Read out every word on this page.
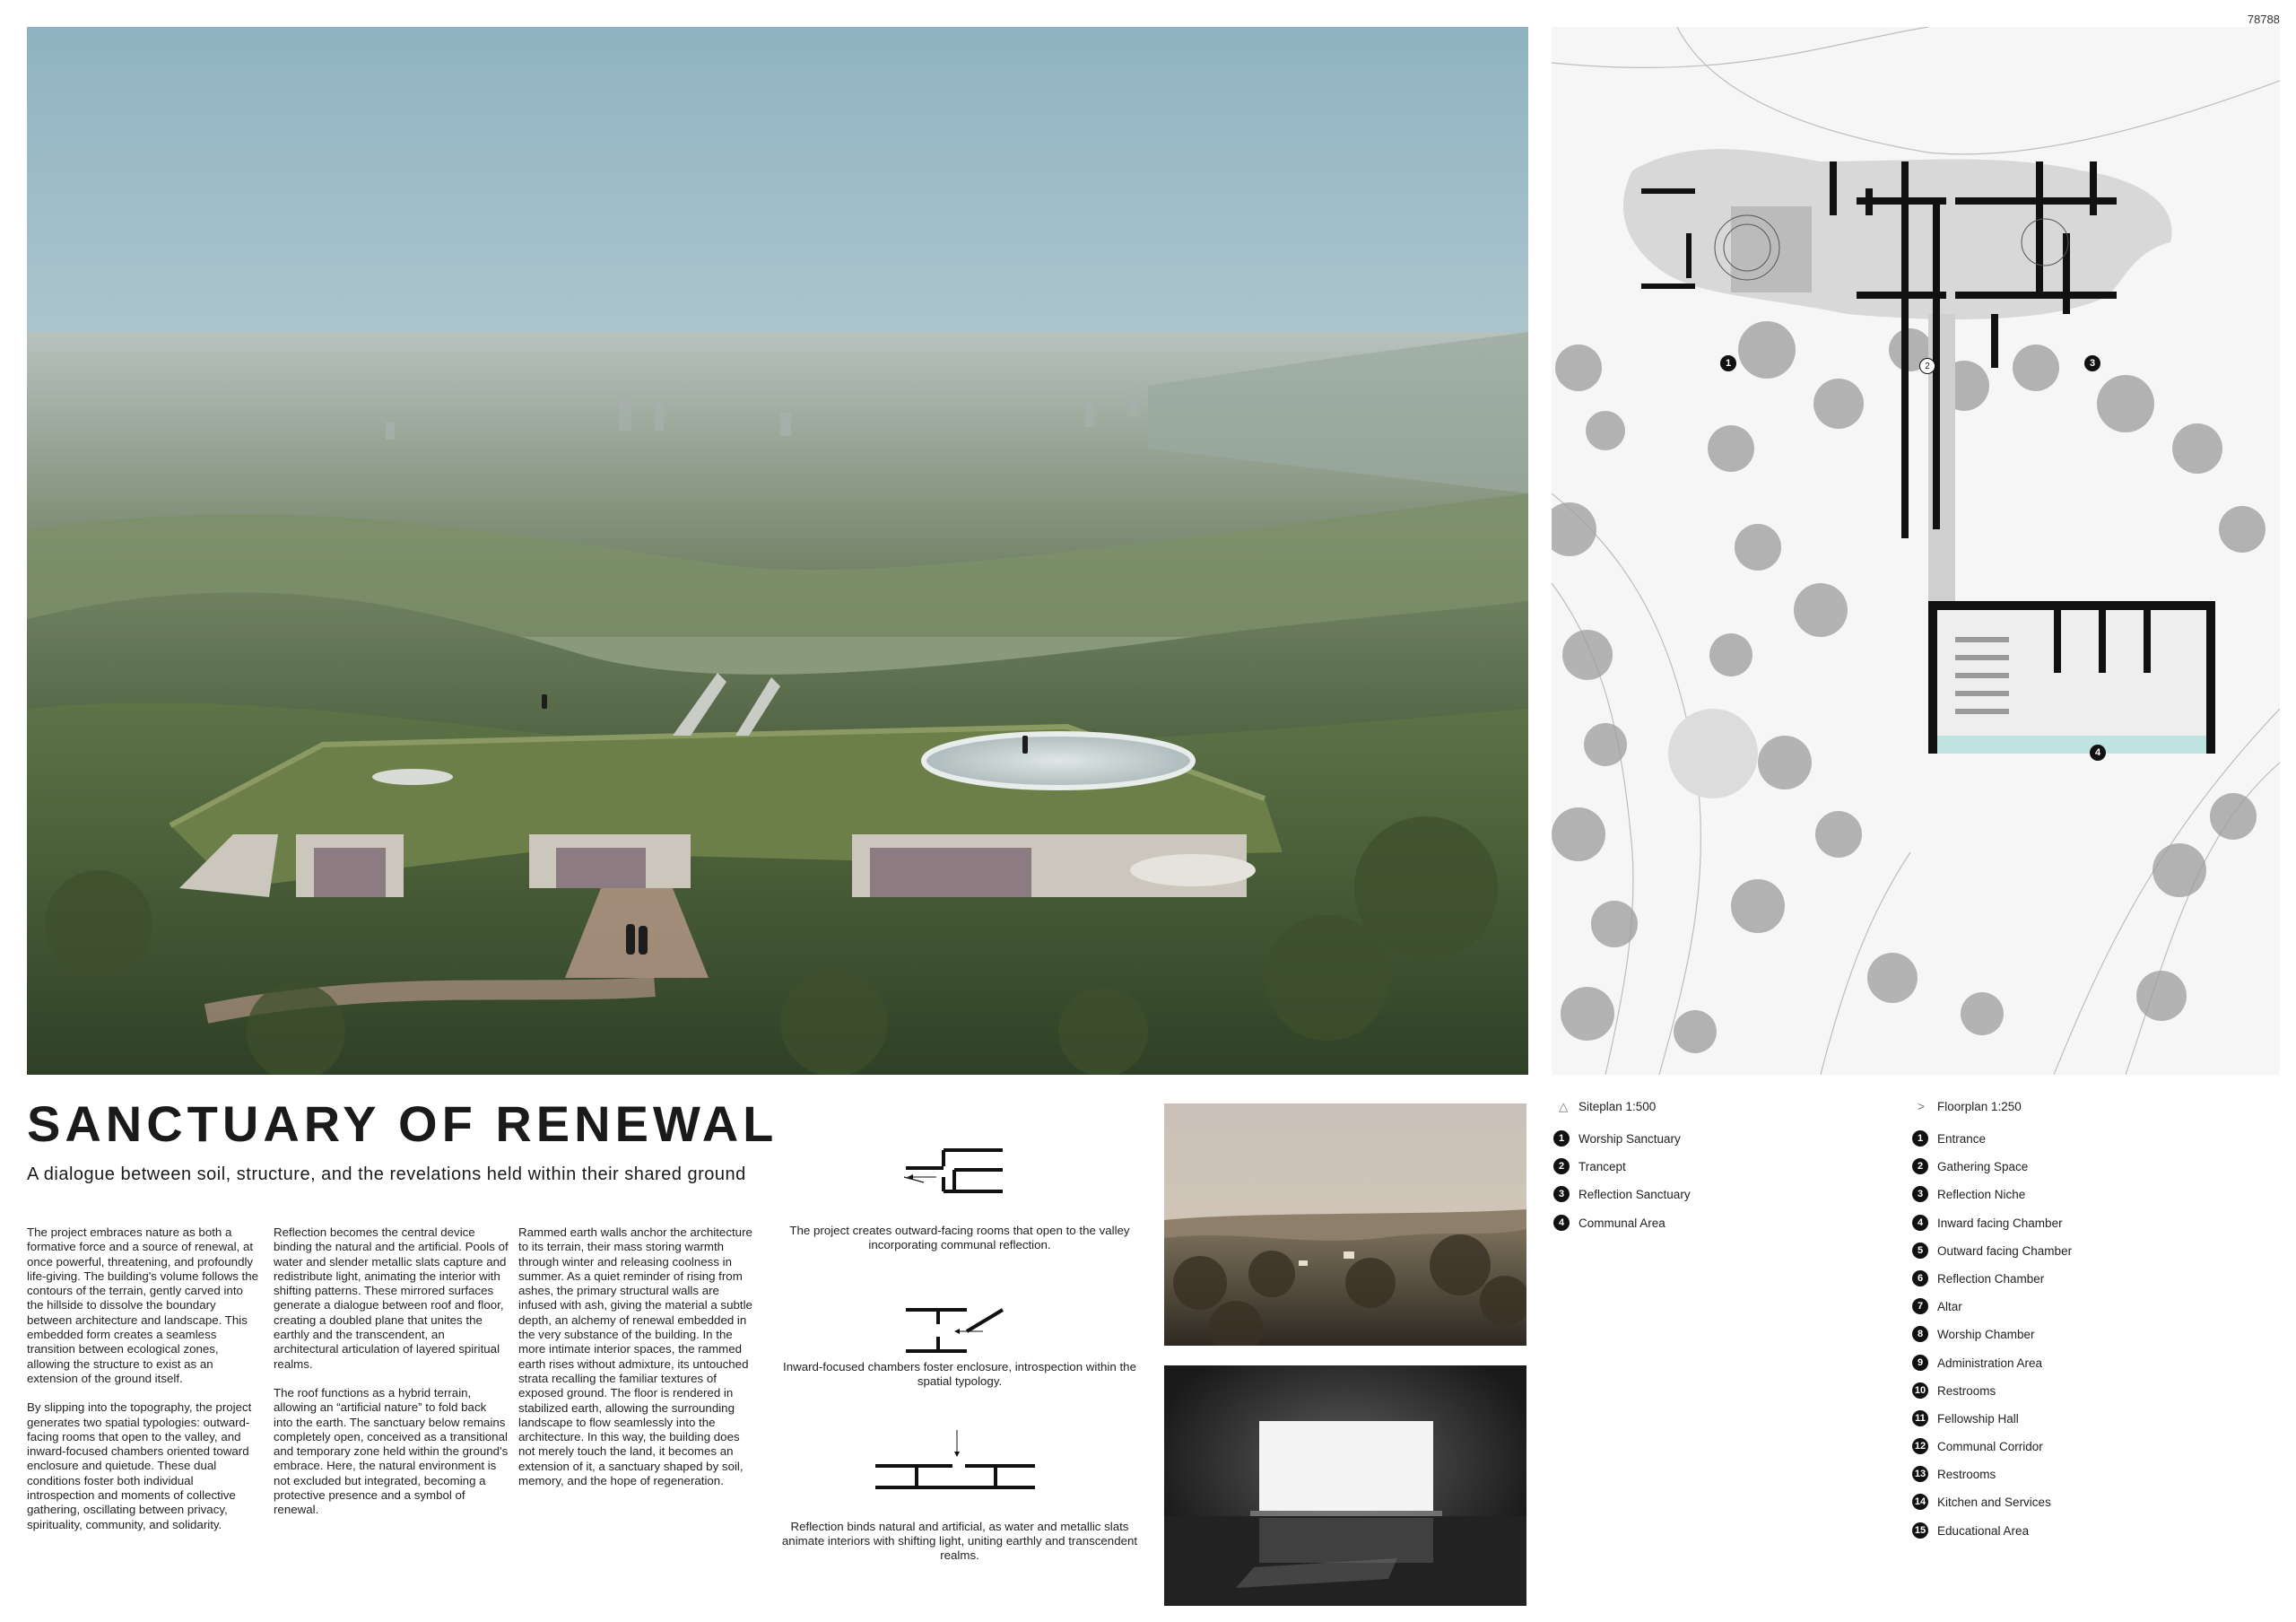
78788
1	2	3
4
SANCTUARY OF RENEWAL
A dialogue between soil, structure, and the revelations held within their shared ground

The project embraces nature as both a formative force and a source of renewal, at once powerful, threatening, and profoundly life-giving. The building's volume follows the contours of the terrain, gently carved into the hillside to dissolve the boundary between architecture and landscape. This embedded form creates a seamless transition between ecological zones, allowing the structure to exist as an extension of the ground itself.

By slipping into the topography, the project generates two spatial typologies: outward-facing rooms that open to the valley, and inward-focused chambers oriented toward enclosure and quietude. These dual conditions foster both individual introspection and moments of collective gathering, oscillating between privacy, spirituality, community, and solidarity.

Reflection becomes the central device binding the natural and the artificial. Pools of water and slender metallic slats capture and redistribute light, animating the interior with shifting patterns. These mirrored surfaces generate a dialogue between roof and floor, creating a doubled plane that unites the earthly and the transcendent, an architectural articulation of layered spiritual realms.

The roof functions as a hybrid terrain, allowing an “artificial nature” to fold back into the earth. The sanctuary below remains completely open, conceived as a transitional and temporary zone held within the ground's embrace. Here, the natural environment is not excluded but integrated, becoming a protective presence and a symbol of renewal.

Rammed earth walls anchor the architecture to its terrain, their mass storing warmth through winter and releasing coolness in summer. As a quiet reminder of rising from ashes, the primary structural walls are infused with ash, giving the material a subtle depth, an alchemy of renewal embedded in the very substance of the building. In the more intimate interior spaces, the rammed earth rises without admixture, its untouched strata recalling the familiar textures of exposed ground. The floor is rendered in stabilized earth, allowing the surrounding landscape to flow seamlessly into the architecture. In this way, the building does not merely touch the land, it becomes an extension of it, a sanctuary shaped by soil, memory, and the hope of regeneration.

The project creates outward-facing rooms that open to the valley incorporating communal reflection.
Inward-focused chambers foster enclosure, introspection within the spatial typology.
Reflection binds natural and artificial, as water and metallic slats animate interiors with shifting light, uniting earthly and transcendent realms.
△ Siteplan 1:500
1	Worship Sanctuary
2	Trancept
3	Reflection Sanctuary
4	Communal Area
> Floorplan 1:250
1	Entrance
2	Gathering Space
3	Reflection Niche
4	Inward facing Chamber
5	Outward facing Chamber
6	Reflection Chamber
7	Altar
8	Worship Chamber
9	Administration Area
10 Restrooms
11 Fellowship Hall
12 Communal Corridor
13 Restrooms
14 Kitchen and Services
15 Educational Area
